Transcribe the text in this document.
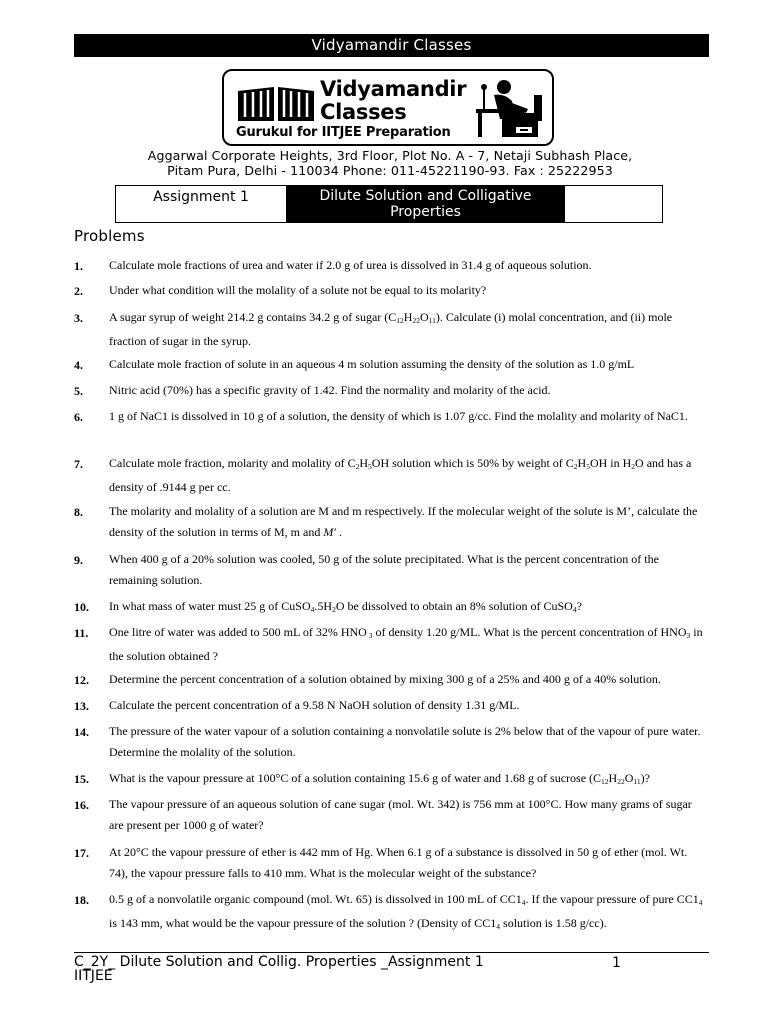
Vidyamandir Classes
Vidyamandir
Classes
Gurukul for IITJEE Preparation
Aggarwal Corporate Heights, 3rd Floor, Plot No. A - 7, Netaji Subhash Place,
Pitam Pura, Delhi - 110034 Phone: 011-45221190-93. Fax : 25222953
Assignment 1	Dilute Solution and Colligative
Properties
Problems
1. Calculate mole fractions of urea and water if 2.0 g of urea is dissolved in 31.4 g of aqueous solution.
2. Under what condition will the molality of a solute not be equal to its molarity?
3. A sugar syrup of weight 214.2 g contains 34.2 g of sugar $(C_{12}H_{22}O_{11})$. Calculate (i) molal concentration, and (ii) mole fraction of sugar in the syrup.
4. Calculate mole fraction of solute in an aqueous 4 m solution assuming the density of the solution as 1.0 g/mL
5. Nitric acid (70%) has a specific gravity of 1.42. Find the normality and molarity of the acid.
6. 1 g of NaC1 is dissolved in 10 g of a solution, the density of which is 1.07 g/cc. Find the molality and molarity of NaC1.
7. Calculate mole fraction, molarity and molality of $C_2H_5OH$ solution which is 50% by weight of $C_2H_5OH$ in $H_2O$ and has a density of .9144 g per cc.
8. The molarity and molality of a solution are M and m respectively. If the molecular weight of the solute is M’, calculate the density of the solution in terms of M, m and M′ .
9. When 400 g of a 20% solution was cooled, 50 g of the solute precipitated. What is the percent concentration of the remaining solution.
10. In what mass of water must 25 g of $CuSO_4.5H_2O$ be dissolved to obtain an 8% solution of CuSO$_4$?
11. One litre of water was added to 500 mL of 32% HNO $_3$ of density 1.20 g/ML. What is the percent concentration of $HNO_3$ in the solution obtained ?
12. Determine the percent concentration of a solution obtained by mixing 300 g of a 25% and 400 g of a 40% solution.
13. Calculate the percent concentration of a 9.58 N NaOH solution of density 1.31 g/ML.
14. The pressure of the water vapour of a solution containing a nonvolatile solute is 2% below that of the vapour of pure water. Determine the molality of the solution.
15. What is the vapour pressure at 100°C of a solution containing 15.6 g of water and 1.68 g of sucrose $(C_{12}H_{22}O_{11})$?
16. The vapour pressure of an aqueous solution of cane sugar (mol. Wt. 342) is 756 mm at 100°C. How many grams of sugar are present per 1000 g of water?
17. At 20°C the vapour pressure of ether is 442 mm of Hg. When 6.1 g of a substance is dissolved in 50 g of ether (mol. Wt. 74), the vapour pressure falls to 410 mm. What is the molecular weight of the substance?
18. 0.5 g of a nonvolatile organic compound (mol. Wt. 65) is dissolved in 100 mL of $CC1_4$. If the vapour pressure of pure $CC1_4$ is 143 mm, what would be the vapour pressure of the solution ? (Density of $CC1_4$ solution is 1.58 g/cc).
C_2Y_ Dilute Solution and Collig. Properties _Assignment 1
IITJEE
1
